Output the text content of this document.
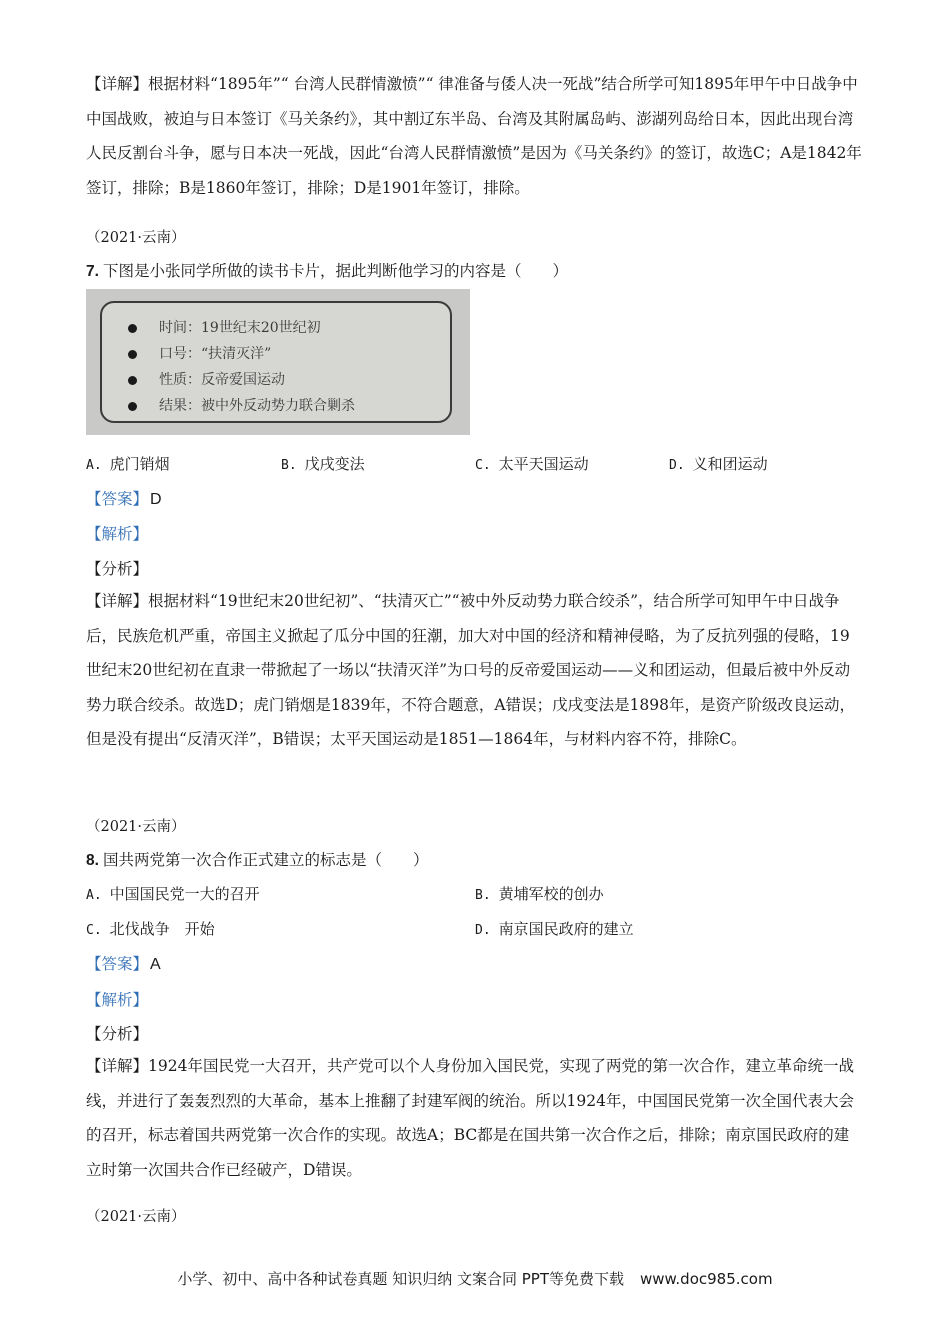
【详解】根据材料“1895年”“ 台湾人民群情激愤”“ 律准备与倭人决一死战”结合所学可知1895年甲午中日战争中中国战败，被迫与日本签订《马关条约》，其中割辽东半岛、台湾及其附属岛屿、澎湖列岛给日本，因此出现台湾人民反割台斗争，愿与日本决一死战，因此“台湾人民群情激愤”是因为《马关条约》的签订，故选C；A是1842年签订，排除；B是1860年签订，排除；D是1901年签订，排除。
（2021·云南）
7. 下图是小张同学所做的读书卡片，据此判断他学习的内容是（　　）
时间：19世纪末20世纪初
口号：“扶清灭洋”
性质：反帝爱国运动
结果：被中外反动势力联合剿杀
A. 虎门销烟	B. 戊戌变法	C. 太平天国运动	D. 义和团运动
【答案】 D
【解析】
【分析】
【详解】根据材料“19世纪末20世纪初”、“扶清灭亡”“被中外反动势力联合绞杀”，结合所学可知甲午中日战争后，民族危机严重，帝国主义掀起了瓜分中国的狂潮，加大对中国的经济和精神侵略，为了反抗列强的侵略，19世纪末20世纪初在直隶一带掀起了一场以“扶清灭洋”为口号的反帝爱国运动——义和团运动，但最后被中外反动势力联合绞杀。故选D；虎门销烟是1839年，不符合题意，A错误；戊戌变法是1898年，是资产阶级改良运动，但是没有提出“反清灭洋”，B错误；太平天国运动是1851—1864年，与材料内容不符，排除C。
（2021·云南）
8. 国共两党第一次合作正式建立的标志是（　　）
A. 中国国民党一大的召开	B. 黄埔军校的创办
C. 北伐战争　开始	D. 南京国民政府的建立
【答案】 A
【解析】
【分析】
【详解】1924年国民党一大召开，共产党可以个人身份加入国民党，实现了两党的第一次合作，建立革命统一战线，并进行了轰轰烈烈的大革命，基本上推翻了封建军阀的统治。所以1924年，中国国民党第一次全国代表大会的召开，标志着国共两党第一次合作的实现。故选A；BC都是在国共第一次合作之后，排除；南京国民政府的建立时第一次国共合作已经破产，D错误。
（2021·云南）
小学、初中、高中各种试卷真题 知识归纳 文案合同 PPT等免费下载 www.doc985.com
